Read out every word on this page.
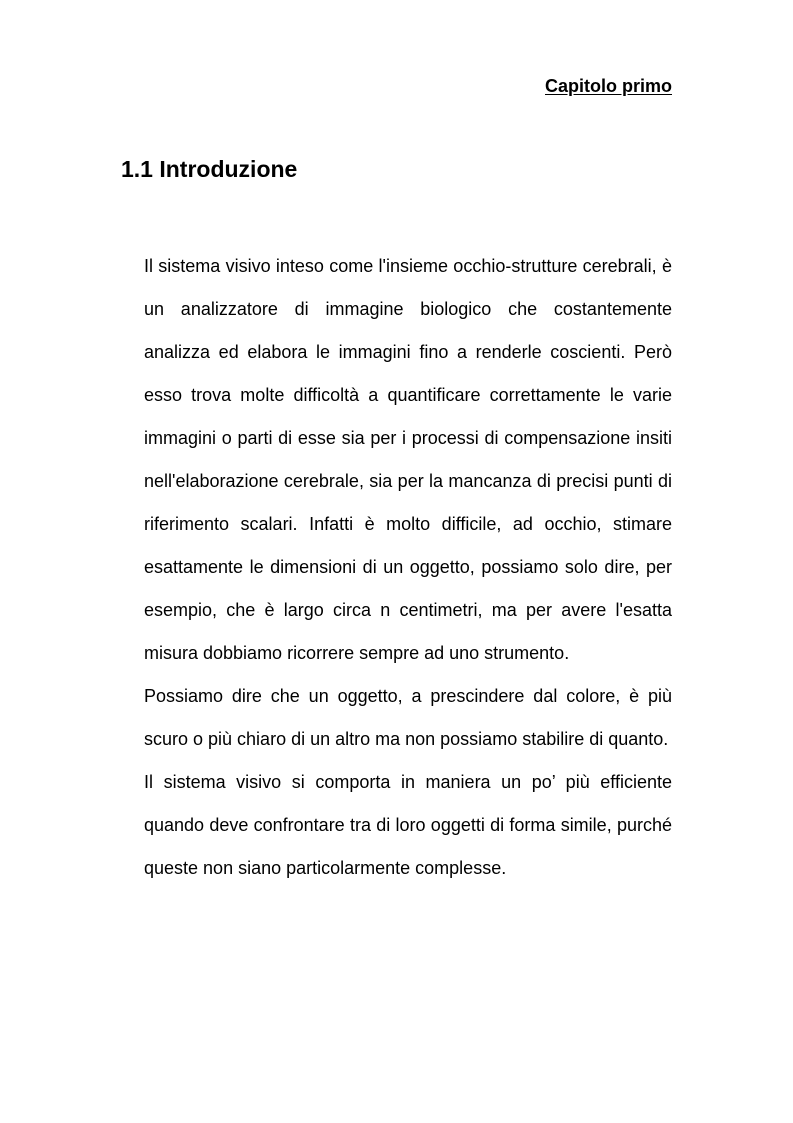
Capitolo primo

1.1 Introduzione

Il sistema visivo inteso come l'insieme occhio-strutture cerebrali, è un analizzatore di immagine biologico che costantemente analizza ed elabora le immagini fino a renderle coscienti. Però esso trova molte difficoltà a quantificare correttamente le varie immagini o parti di esse sia per i processi di compensazione insiti nell'elaborazione cerebrale, sia per la mancanza di precisi punti di riferimento scalari. Infatti è molto difficile, ad occhio, stimare esattamente le dimensioni di un oggetto, possiamo solo dire, per esempio, che è largo circa n centimetri, ma per avere l'esatta misura dobbiamo ricorrere sempre ad uno strumento.

Possiamo dire che un oggetto, a prescindere dal colore, è più scuro o più chiaro di un altro ma non possiamo stabilire di quanto.

Il sistema visivo si comporta in maniera un po’ più efficiente quando deve confrontare tra di loro oggetti di forma simile, purché queste non siano particolarmente complesse.
